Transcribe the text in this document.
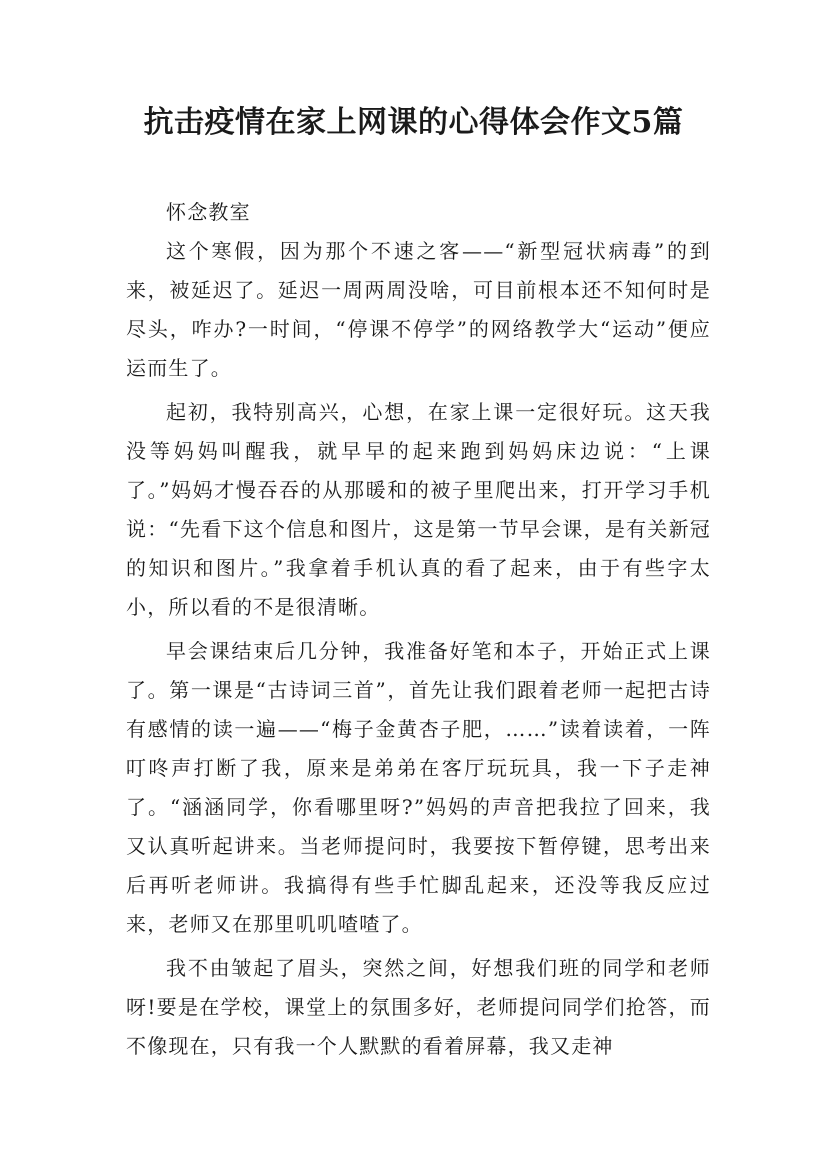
抗击疫情在家上网课的心得体会作文5篇

怀念教室

这个寒假，因为那个不速之客——“新型冠状病毒”的到来，被延迟了。延迟一周两周没啥，可目前根本还不知何时是尽头，咋办?一时间，“停课不停学”的网络教学大“运动”便应运而生了。

起初，我特别高兴，心想，在家上课一定很好玩。这天我没等妈妈叫醒我，就早早的起来跑到妈妈床边说：“上课了。”妈妈才慢吞吞的从那暖和的被子里爬出来，打开学习手机说：“先看下这个信息和图片，这是第一节早会课，是有关新冠的知识和图片。”我拿着手机认真的看了起来，由于有些字太小，所以看的不是很清晰。

早会课结束后几分钟，我准备好笔和本子，开始正式上课了。第一课是“古诗词三首”，首先让我们跟着老师一起把古诗有感情的读一遍——“梅子金黄杏子肥，……”读着读着，一阵叮咚声打断了我，原来是弟弟在客厅玩玩具，我一下子走神了。“涵涵同学，你看哪里呀?”妈妈的声音把我拉了回来，我又认真听起讲来。当老师提问时，我要按下暂停键，思考出来后再听老师讲。我搞得有些手忙脚乱起来，还没等我反应过来，老师又在那里叽叽喳喳了。

我不由皱起了眉头，突然之间，好想我们班的同学和老师呀!要是在学校，课堂上的氛围多好，老师提问同学们抢答，而不像现在，只有我一个人默默的看着屏幕，我又走神
